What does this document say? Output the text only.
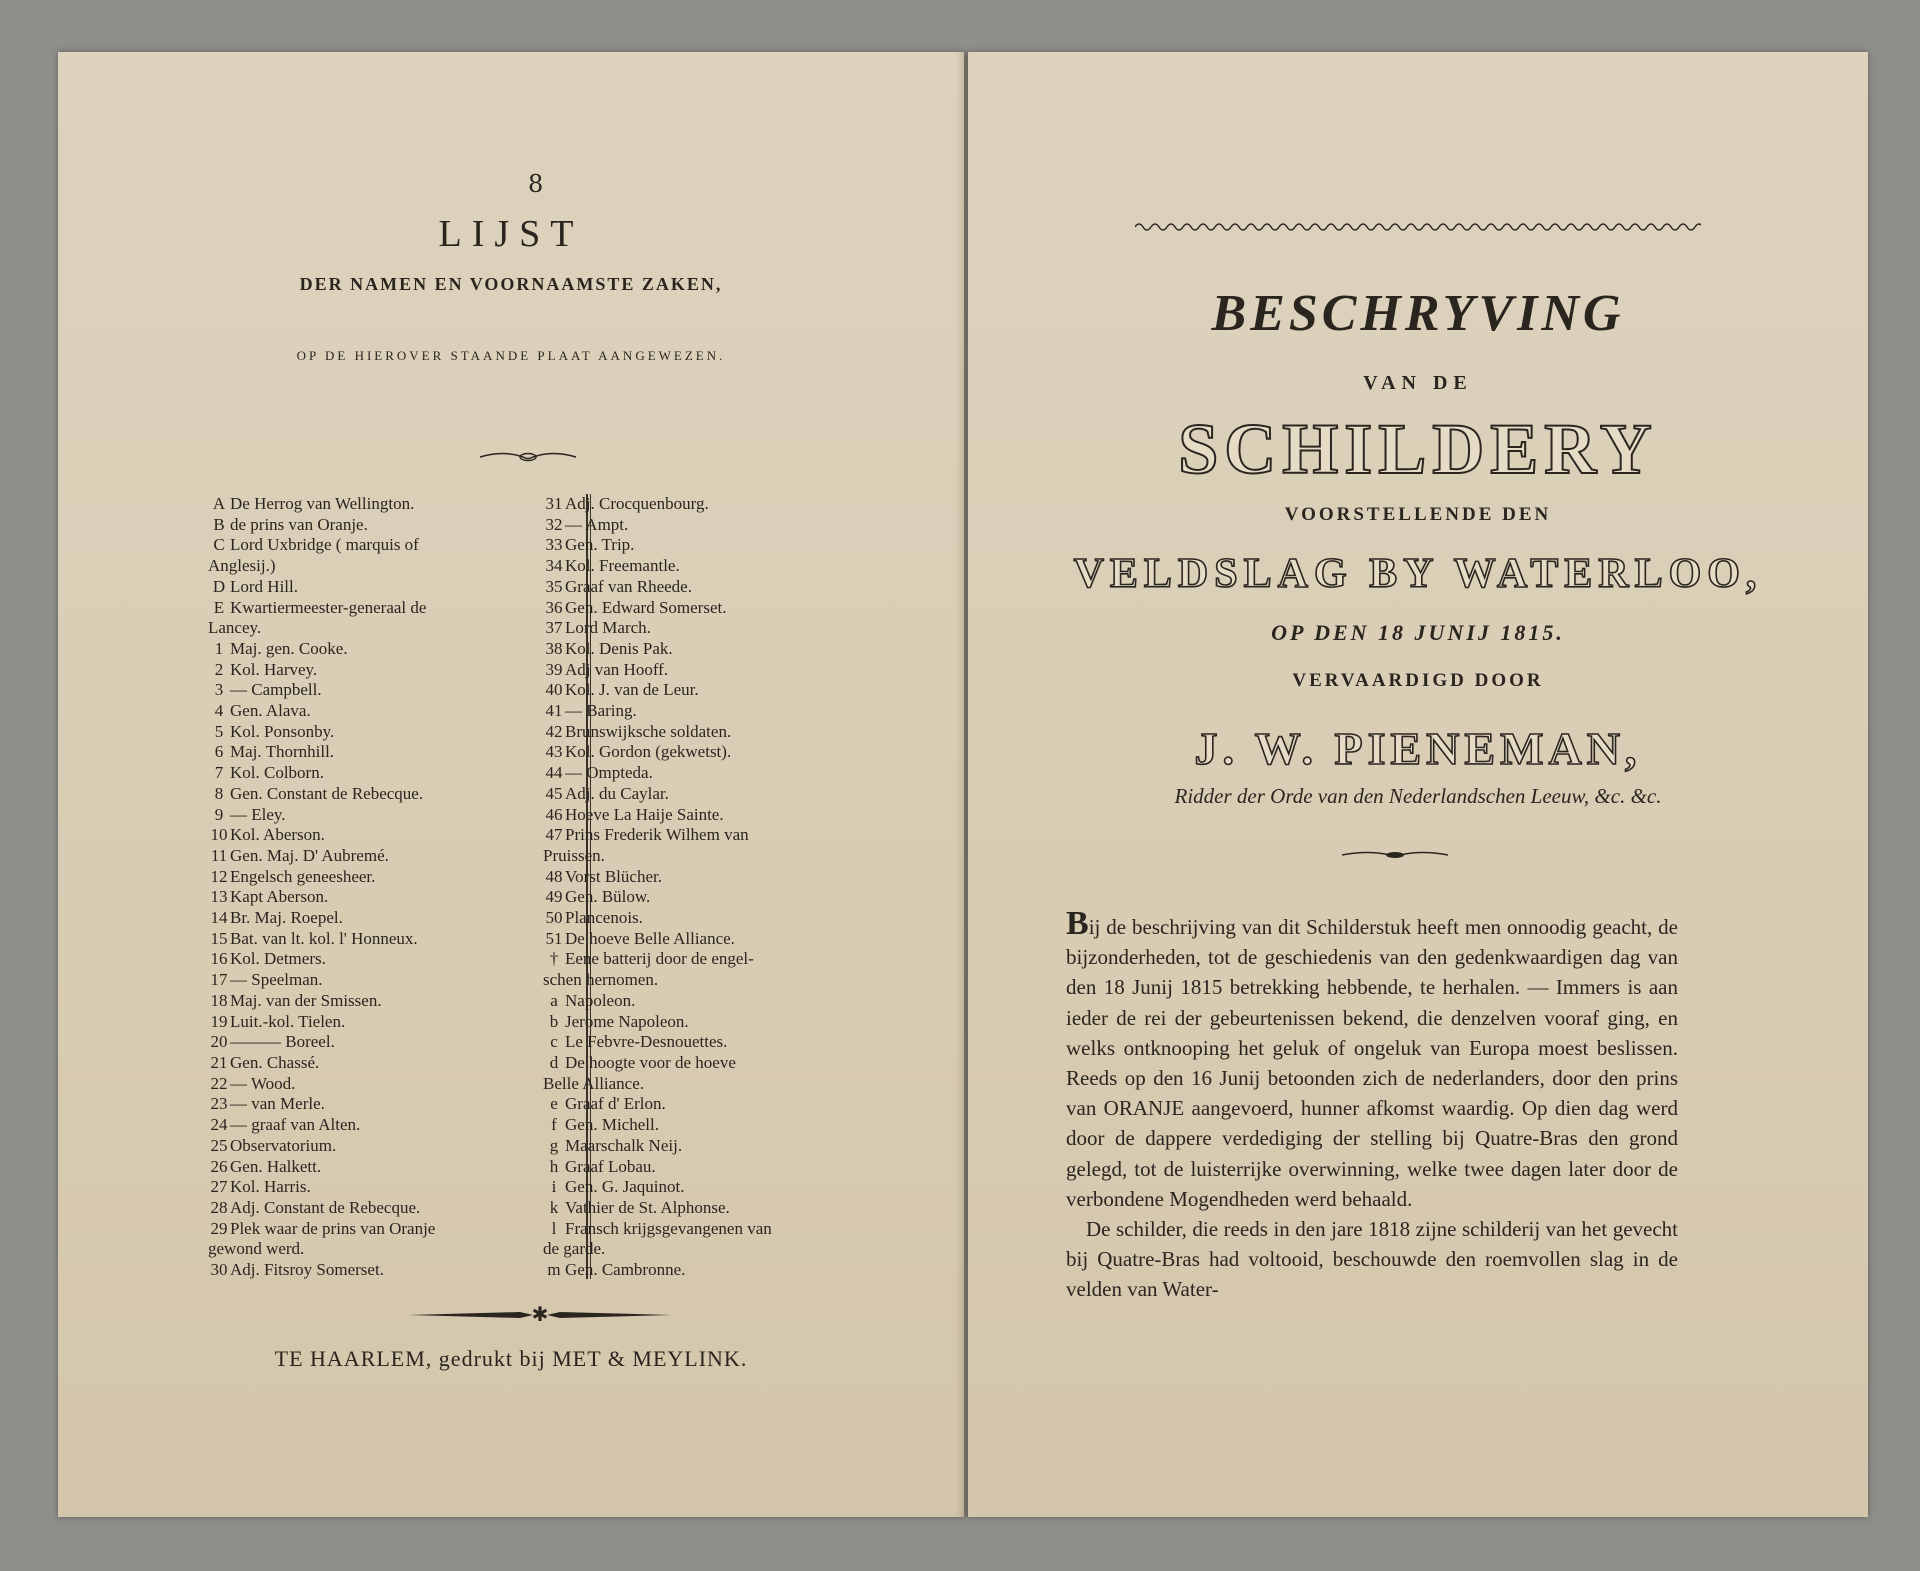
8
LIJST
DER NAMEN EN VOORNAAMSTE ZAKEN,
OP DE HIEROVER STAANDE PLAAT AANGEWEZEN.
A De Herrog van Wellington.
B de prins van Oranje.
C Lord Uxbridge ( marquis of
Anglesij.)
D Lord Hill.
E Kwartiermeester-generaal de
Lancey.
1 Maj. gen. Cooke.
2 Kol. Harvey.
3 — Campbell.
4 Gen. Alava.
5 Kol. Ponsonby.
6 Maj. Thornhill.
7 Kol. Colborn.
8 Gen. Constant de Rebecque.
9 — Eley.
10 Kol. Aberson.
11 Gen. Maj. D' Aubremé.
12 Engelsch geneesheer.
13 Kapt Aberson.
14 Br. Maj. Roepel.
15 Bat. van lt. kol. l' Honneux.
16 Kol. Detmers.
17 — Speelman.
18 Maj. van der Smissen.
19 Luit.-kol. Tielen.
20 ——— Boreel.
21 Gen. Chassé.
22 — Wood.
23 — van Merle.
24 — graaf van Alten.
25 Observatorium.
26 Gen. Halkett.
27 Kol. Harris.
28 Adj. Constant de Rebecque.
29 Plek waar de prins van Oranje
gewond werd.
30 Adj. Fitsroy Somerset.
31 Adj. Crocquenbourg.
32 — Ampt.
33 Gen. Trip.
34 Kol. Freemantle.
35 Graaf van Rheede.
36 Gen. Edward Somerset.
37 Lord March.
38 Kol. Denis Pak.
39 Adj van Hooff.
40 Kol. J. van de Leur.
41 — Baring.
42 Brunswijksche soldaten.
43 Kol. Gordon (gekwetst).
44 — Ompteda.
45 Adj. du Caylar.
46 Hoeve La Haije Sainte.
47 Prins Frederik Wilhem van
Pruissen.
48 Vorst Blücher.
49 Gen. Bülow.
50 Plancenois.
51 De hoeve Belle Alliance.
† Eene batterij door de engel-
schen hernomen.
a Napoleon.
b Jerome Napoleon.
c Le Febvre-Desnouettes.
d De hoogte voor de hoeve
Belle Alliance.
e Graaf d' Erlon.
f Gen. Michell.
g Maarschalk Neij.
h Graaf Lobau.
i Gen. G. Jaquinot.
k Vathier de St. Alphonse.
l Fransch krijgsgevangenen van
de garde.
m Gen. Cambronne.
✱
TE HAARLEM, gedrukt bij MET & MEYLINK.
BESCHRYVING
VAN DE
SCHILDERY
VOORSTELLENDE DEN
VELDSLAG BY WATERLOO,
OP DEN 18 JUNIJ 1815.
VERVAARDIGD DOOR
J. W. PIENEMAN,
Ridder der Orde van den Nederlandschen Leeuw, &c. &c.

Bij de beschrijving van dit Schilderstuk heeft men onnoodig geacht, de bijzonderheden, tot de geschiedenis van den gedenkwaardigen dag van den 18 Junij 1815 betrekking hebbende, te herhalen. — Immers is aan ieder de rei der gebeurtenissen bekend, die denzelven vooraf ging, en welks ontknooping het geluk of ongeluk van Europa moest beslissen. Reeds op den 16 Junij betoonden zich de nederlanders, door den prins van ORANJE aangevoerd, hunner afkomst waardig. Op dien dag werd door de dappere verdediging der stelling bij Quatre-Bras den grond gelegd, tot de luisterrijke overwinning, welke twee dagen later door de verbondene Mogendheden werd behaald.

De schilder, die reeds in den jare 1818 zijne schilderij van het gevecht bij Quatre-Bras had voltooid, beschouwde den roemvollen slag in de velden van Water-
